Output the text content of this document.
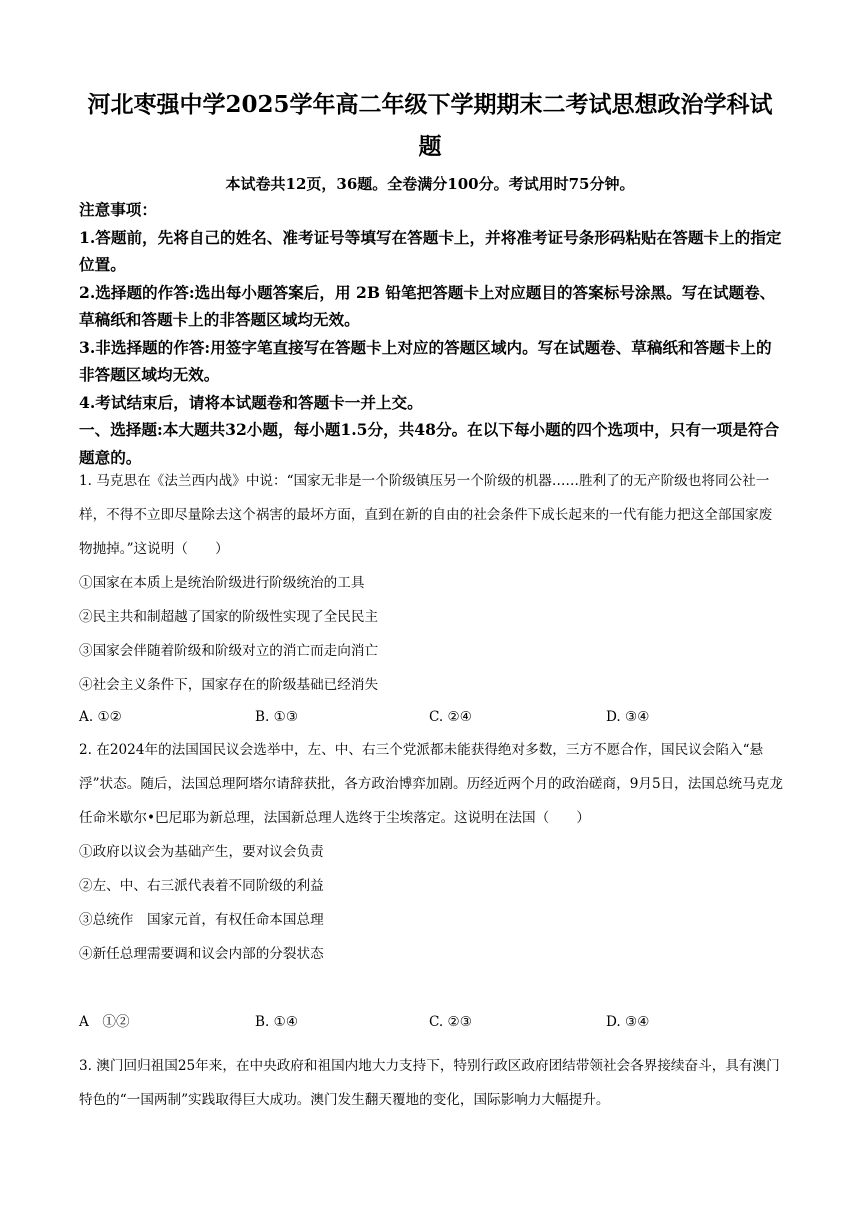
河北枣强中学2025学年高二年级下学期期末二考试思想政治学科试
题

本试卷共12页，36题。全卷满分100分。考试用时75分钟。

注意事项：

1.答题前，先将自己的姓名、准考证号等填写在答题卡上，并将准考证号条形码粘贴在答题卡上的指定位置。

2.选择题的作答:选出每小题答案后，用 2B 铅笔把答题卡上对应题目的答案标号涂黑。写在试题卷、草稿纸和答题卡上的非答题区域均无效。

3.非选择题的作答:用签字笔直接写在答题卡上对应的答题区域内。写在试题卷、草稿纸和答题卡上的非答题区域均无效。

4.考试结束后，请将本试题卷和答题卡一并上交。

一、选择题:本大题共32小题，每小题1.5分，共48分。在以下每小题的四个选项中，只有一项是符合题意的。

1. 马克思在《法兰西内战》中说：“国家无非是一个阶级镇压另一个阶级的机器……胜利了的无产阶级也将同公社一样，不得不立即尽量除去这个祸害的最坏方面，直到在新的自由的社会条件下成长起来的一代有能力把这全部国家废物抛掉。”这说明（　　）

①国家在本质上是统治阶级进行阶级统治的工具

②民主共和制超越了国家的阶级性实现了全民民主

③国家会伴随着阶级和阶级对立的消亡而走向消亡

④社会主义条件下，国家存在的阶级基础已经消失

A. ①②	B. ①③	C. ②④	D. ③④

2. 在2024年的法国国民议会选举中，左、中、右三个党派都未能获得绝对多数，三方不愿合作，国民议会陷入“悬浮”状态。随后，法国总理阿塔尔请辞获批，各方政治博弈加剧。历经近两个月的政治磋商，9月5日，法国总统马克龙任命米歇尔•巴尼耶为新总理，法国新总理人选终于尘埃落定。这说明在法国（　　）

①政府以议会为基础产生，要对议会负责

②左、中、右三派代表着不同阶级的利益

③总统作　国家元首，有权任命本国总理

④新任总理需要调和议会内部的分裂状态

A　①②	B. ①④	C. ②③	D. ③④

3. 澳门回归祖国25年来，在中央政府和祖国内地大力支持下，特别行政区政府团结带领社会各界接续奋斗，具有澳门特色的“一国两制”实践取得巨大成功。澳门发生翻天覆地的变化，国际影响力大幅提升。
